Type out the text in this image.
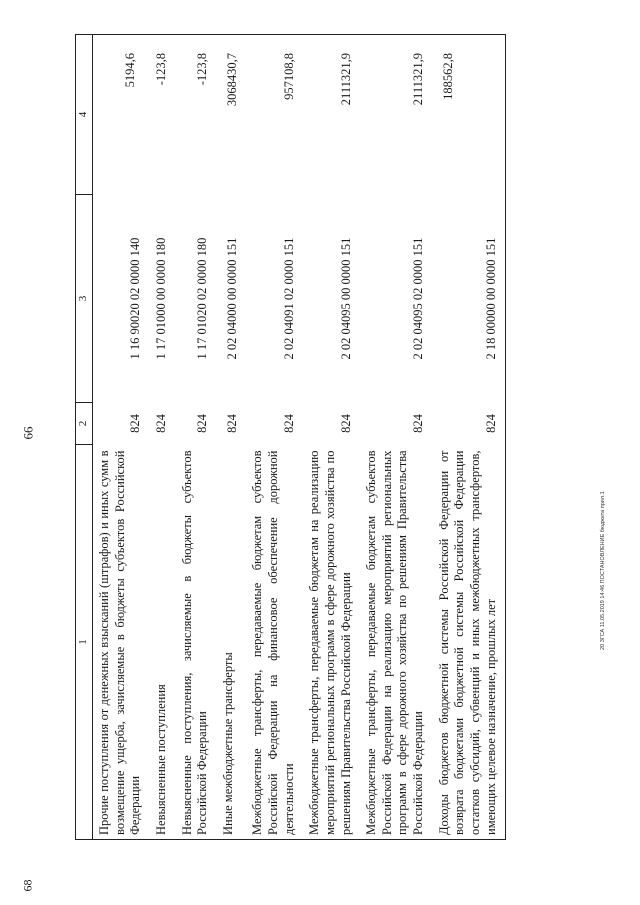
66
1	2	3	4
Прочие поступления от денежных взысканий (штрафов) и иных сумм в возмещение ущерба, зачисляемые в бюджеты субъектов Российской Федерации	824	1 16 90020 02 0000 140	5194,6
Невыясненные поступления	824	1 17 01000 00 0000 180	-123,8
Невыясненные поступления, зачисляемые в бюджеты субъектов Российской Федерации	824	1 17 01020 02 0000 180	-123,8
Иные межбюджетные трансферты	824	2 02 04000 00 0000 151	3068430,7
Межбюджетные трансферты, передаваемые бюджетам субъектов Российской Федерации на финансовое обеспечение дорожной деятельности	824	2 02 04091 02 0000 151	957108,8
Межбюджетные трансферты, передаваемые бюджетам на реализацию мероприятий региональных программ в сфере дорожного хозяйства по решениям Правительства Российской Федерации	824	2 02 04095 00 0000 151	2111321,9
Межбюджетные трансферты, передаваемые бюджетам субъектов Российской Федерации на реализацию мероприятий региональных программ в сфере дорожного хозяйства по решениям Правительства Российской Федерации	824	2 02 04095 02 0000 151	2111321,9
Доходы бюджетов бюджетной системы Российской Федерации от возврата бюджетами бюджетной системы Российской Федерации остатков субсидий, субвенций и иных межбюджетных трансфертов, имеющих целевое назначение, прошлых лет	824	2 18 00000 00 0000 151	188562,8
20 ЗГСА 11.05.2019 14:46 ПОСТАНОВЛЕНИЕ бюджета прил.1
68
